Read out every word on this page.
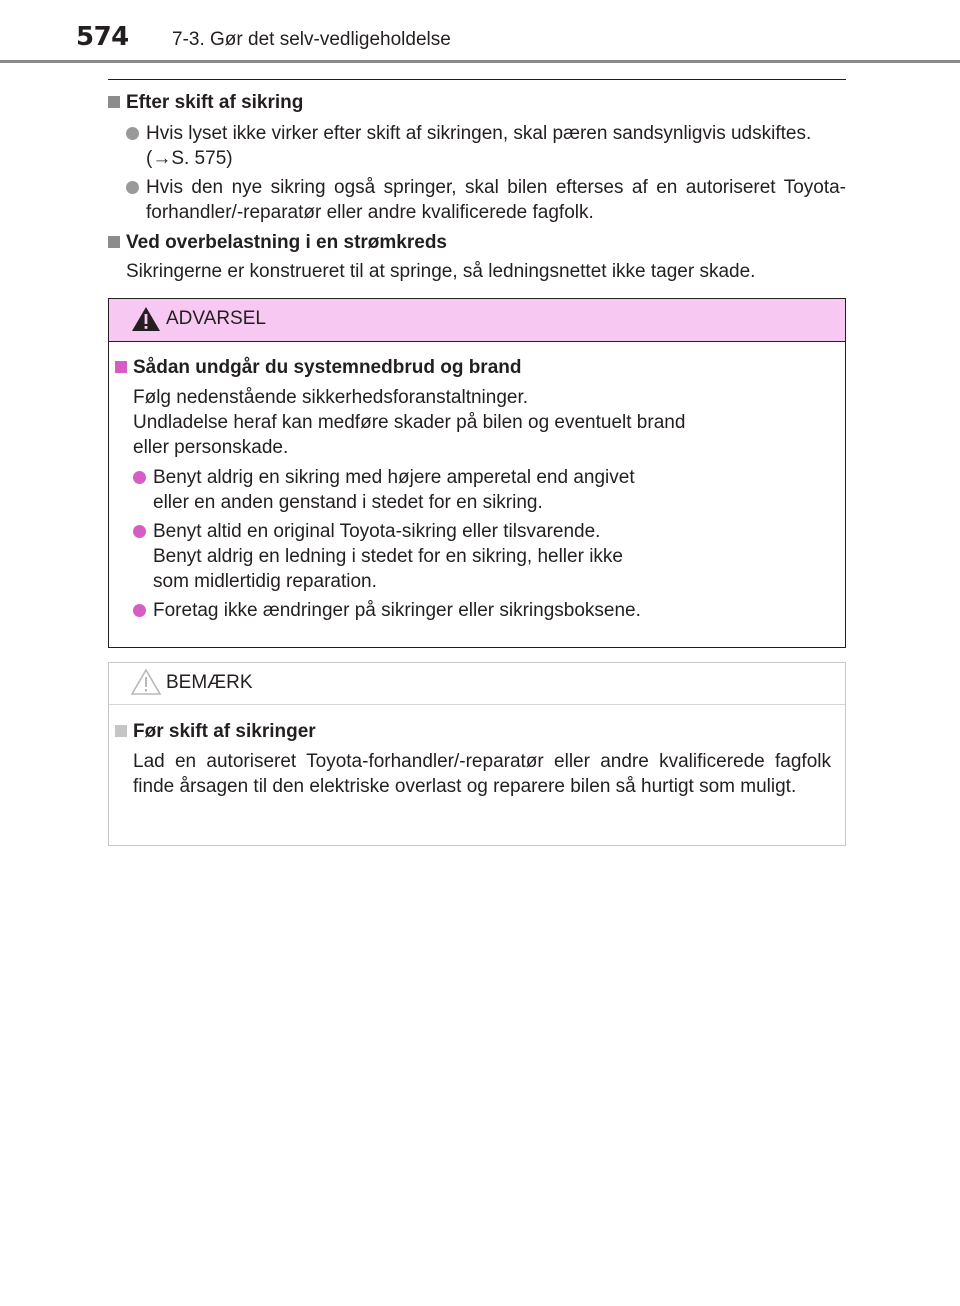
574 7-3. Gør det selv-vedligeholdelse
Efter skift af sikring
Hvis lyset ikke virker efter skift af sikringen, skal pæren sandsynligvis udskiftes. (→S. 575)
Hvis den nye sikring også springer, skal bilen efterses af en autoriseret Toyota-forhandler/-reparatør eller andre kvalificerede fagfolk.
Ved overbelastning i en strømkreds
Sikringerne er konstrueret til at springe, så ledningsnettet ikke tager skade.
ADVARSEL
Sådan undgår du systemnedbrud og brand
Følg nedenstående sikkerhedsforanstaltninger.
Undladelse heraf kan medføre skader på bilen og eventuelt brand
eller personskade.
Benyt aldrig en sikring med højere amperetal end angivet
eller en anden genstand i stedet for en sikring.
Benyt altid en original Toyota-sikring eller tilsvarende.
Benyt aldrig en ledning i stedet for en sikring, heller ikke
som midlertidig reparation.
Foretag ikke ændringer på sikringer eller sikringsboksene.
BEMÆRK
Før skift af sikringer
Lad en autoriseret Toyota-forhandler/-reparatør eller andre kvalificerede fagfolk finde årsagen til den elektriske overlast og reparere bilen så hurtigt som muligt.
